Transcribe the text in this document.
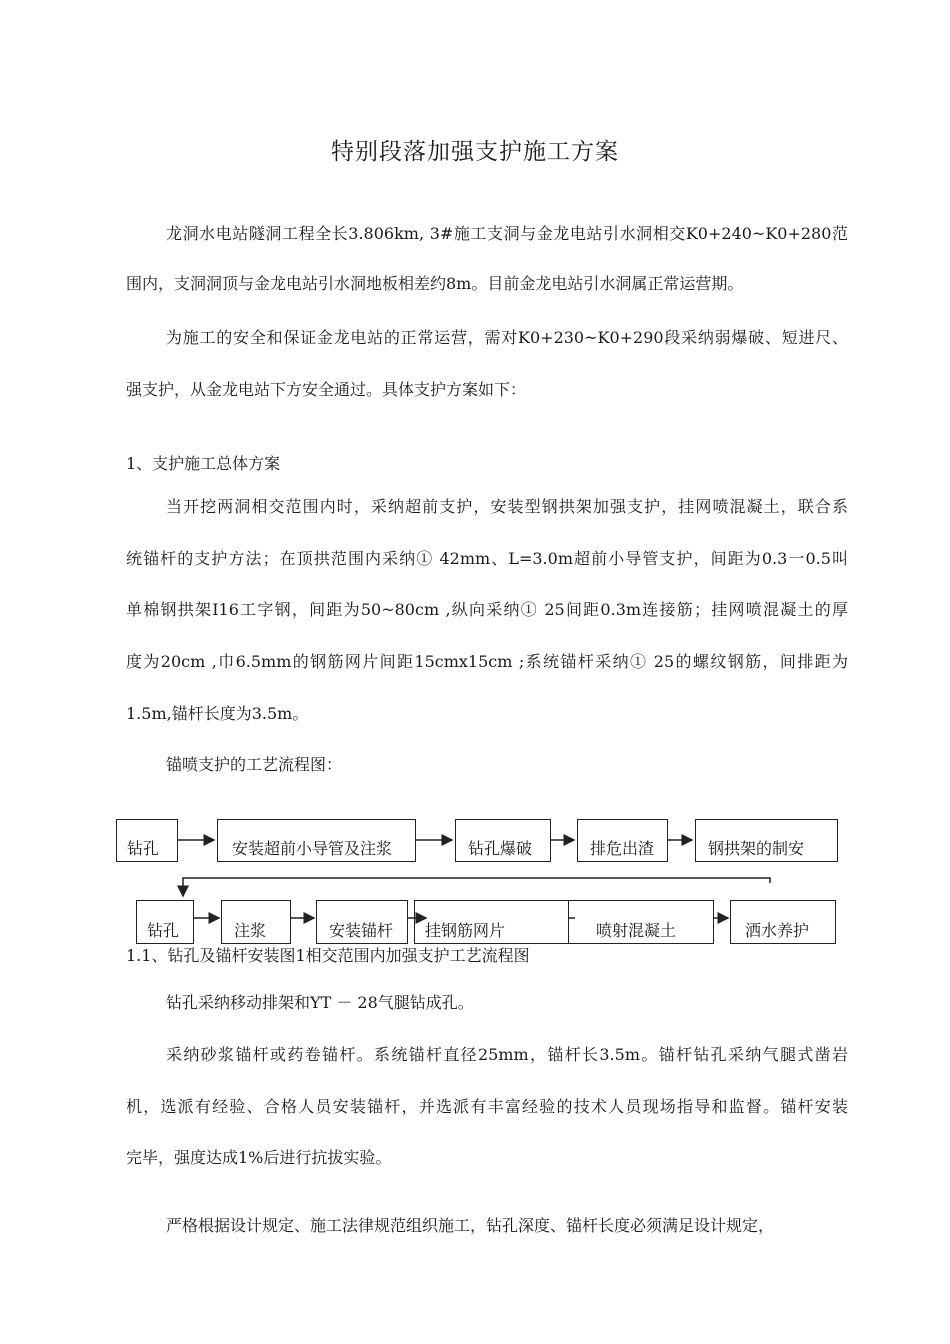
特别段落加强支护施工方案
龙洞水电站隧洞工程全长3.806km, 3#施工支洞与金龙电站引水洞相交K0+240~K0+280范
围内，支洞洞顶与金龙电站引水洞地板相差约8m。目前金龙电站引水洞属正常运营期。
为施工的安全和保证金龙电站的正常运营，需对K0+230~K0+290段采纳弱爆破、短进尺、
强支护，从金龙电站下方安全通过。具体支护方案如下：
1、支护施工总体方案
当开挖两洞相交范围内时，采纳超前支护，安装型钢拱架加强支护，挂网喷混凝土，联合系
统锚杆的支护方法；在顶拱范围内采纳① 42mm、L=3.0m超前小导管支护，间距为0.3一0.5叫
单棉钢拱架I16工字钢，间距为50~80cm ,纵向采纳① 25间距0.3m连接筋；挂网喷混凝土的厚
度为20cm ,巾6.5mm的钢筋网片间距15cmx15cm ;系统锚杆采纳① 25的螺纹钢筋，间排距为
1.5m,锚杆长度为3.5m。
锚喷支护的工艺流程图：
钻孔	安装超前小导管及注浆	钻孔爆破	排危出渣	钢拱架的制安
钻孔	注浆	安装锚杆 挂钢筋网片	喷射混凝土	洒水养护
1.1、钻孔及锚杆安装图1相交范围内加强支护工艺流程图
钻孔采纳移动排架和YT － 28气腿钻成孔。
采纳砂浆锚杆或药卷锚杆。系统锚杆直径25mm，锚杆长3.5m。锚杆钻孔采纳气腿式凿岩
机，选派有经验、合格人员安装锚杆，并选派有丰富经验的技术人员现场指导和监督。锚杆安装
完毕，强度达成1%后进行抗拔实验。
严格根据设计规定、施工法律规范组织施工，钻孔深度、锚杆长度必须满足设计规定，
